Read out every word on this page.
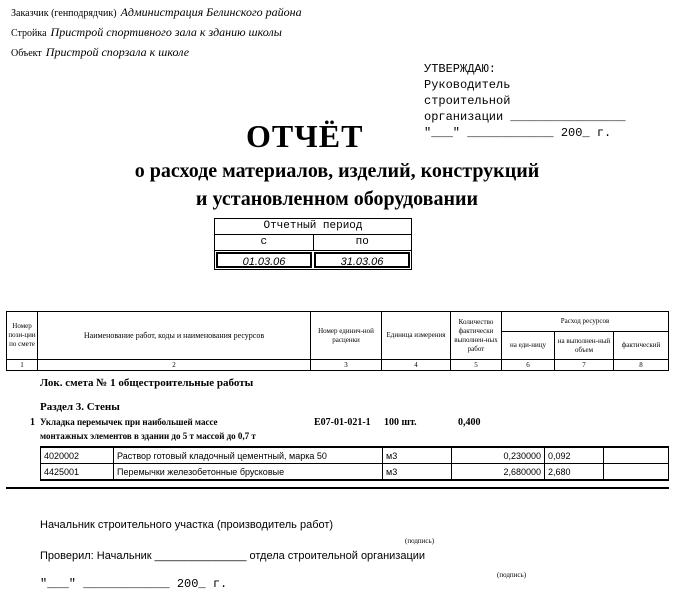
Заказчик (генподрядчик) Администрация Белинского района
Стройка Пристрой спортивного зала к зданию школы
Объект Пристрой спорзала к школе
УТВЕРЖДАЮ:
Руководитель
строительной
организации ________________
"___" ____________ 200_ г.
ОТЧЁТ
о расходе материалов, изделий, конструкций
и установленном оборудовании
Отчетный период
с	по
01.03.06	31.03.06
Номер пози-ции по смете	Наименование работ, коды и наименования ресурсов	Номер единич-ной расценки	Единица измерения	Количество фактически выполнен-ных работ	Расход ресурсов		
					на еди-ницу	на выполнен-ный объем	фактический
1	2	3	4	5	6	7	8
Лок. смета № 1 общестроительные работы
Раздел 3. Стены
1 Укладка перемычек при наибольшей массе
монтажных элементов в здании до 5 т массой до 0,7 т
Е07-01-021-1 100 шт.	0,400
4020002	Раствор готовый кладочный цементный, марка 50	м3	0,230000	0,092	
4425001	Перемычки железобетонные брусковые	м3	2,680000	2,680	
Начальник строительного участка (производитель работ)
(подпись)
Проверил: Начальник _______________ отдела строительной организации
(подпись)
"___" ____________ 200_ г.
